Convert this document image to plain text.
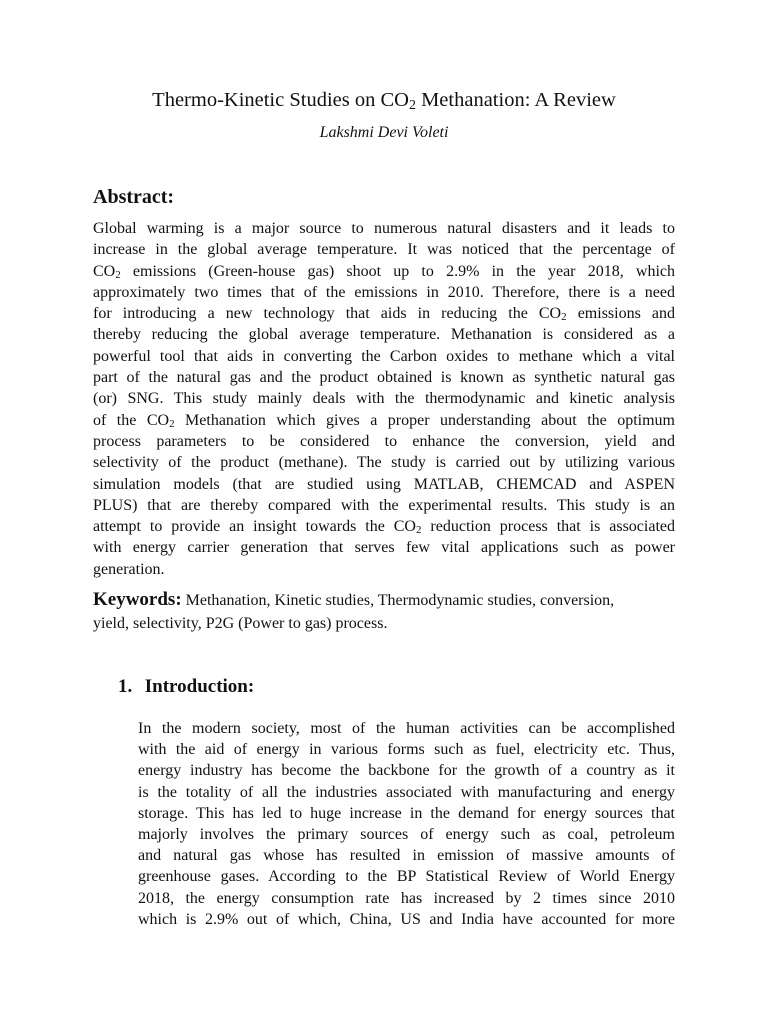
Thermo-Kinetic Studies on $CO_2$ Methanation: A Review
Lakshmi Devi Voleti
Abstract:
Global warming is a major source to numerous natural disasters and it leads to
increase in the global average temperature. It was noticed that the percentage of
$CO_2$ emissions (Green-house gas) shoot up to 2.9% in the year 2018, which
approximately two times that of the emissions in 2010. Therefore, there is a need
for introducing a new technology that aids in reducing the $CO_2$ emissions and
thereby reducing the global average temperature. Methanation is considered as a
powerful tool that aids in converting the Carbon oxides to methane which a vital
part of the natural gas and the product obtained is known as synthetic natural gas
(or) SNG. This study mainly deals with the thermodynamic and kinetic analysis
of the $CO_2$ Methanation which gives a proper understanding about the optimum
process parameters to be considered to enhance the conversion, yield and
selectivity of the product (methane). The study is carried out by utilizing various
simulation models (that are studied using MATLAB, CHEMCAD and ASPEN
PLUS) that are thereby compared with the experimental results. This study is an
attempt to provide an insight towards the $CO_2$ reduction process that is associated
with energy carrier generation that serves few vital applications such as power
generation.

Keywords: Methanation, Kinetic studies, Thermodynamic studies, conversion,
yield, selectivity, P2G (Power to gas) process.

1. Introduction:
In the modern society, most of the human activities can be accomplished
with the aid of energy in various forms such as fuel, electricity etc. Thus,
energy industry has become the backbone for the growth of a country as it
is the totality of all the industries associated with manufacturing and energy
storage. This has led to huge increase in the demand for energy sources that
majorly involves the primary sources of energy such as coal, petroleum
and natural gas whose has resulted in emission of massive amounts of
greenhouse gases. According to the BP Statistical Review of World Energy
2018, the energy consumption rate has increased by 2 times since 2010
which is 2.9% out of which, China, US and India have accounted for more
